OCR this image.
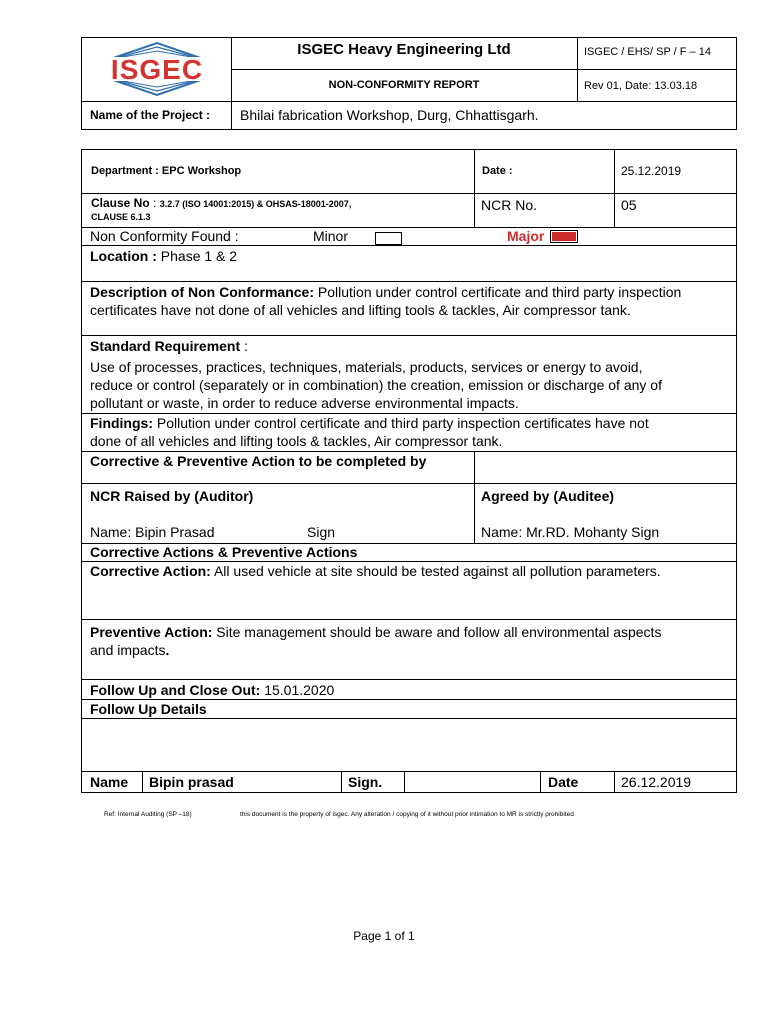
ISGEC
ISGEC Heavy Engineering Ltd	ISGEC / EHS/ SP / F – 14
NON-CONFORMITY REPORT	Rev 01, Date: 13.03.18
Name of the Project : Bhilai fabrication Workshop, Durg, Chhattisgarh.
Department : EPC Workshop	Date :	25.12.2019
Clause No : 3.2.7 (ISO 14001:2015) & OHSAS-18001-2007,
CLAUSE 6.1.3
NCR No.	05
Non Conformity Found :	Minor	Major
Location : Phase 1 & 2
Description of Non Conformance: Pollution under control certificate and third party inspection
certificates have not done of all vehicles and lifting tools & tackles, Air compressor tank.
Standard Requirement :
Use of processes, practices, techniques, materials, products, services or energy to avoid,
reduce or control (separately or in combination) the creation, emission or discharge of any of
pollutant or waste, in order to reduce adverse environmental impacts.
Findings: Pollution under control certificate and third party inspection certificates have not
done of all vehicles and lifting tools & tackles, Air compressor tank.
Corrective & Preventive Action to be completed by
NCR Raised by (Auditor)	Agreed by (Auditee)
Name: Bipin Prasad	Sign	Name: Mr.RD. Mohanty Sign
Corrective Actions & Preventive Actions
Corrective Action: All used vehicle at site should be tested against all pollution parameters.
Preventive Action: Site management should be aware and follow all environmental aspects
and impacts.
Follow Up and Close Out: 15.01.2020
Follow Up Details
Name Bipin prasad	Sign.	Date	26.12.2019
Ref: Internal Auditing (SP –18)	this document is the property of isgec. Any alteration / copying of it without prior intimation to MR is strictly prohibited
Page 1 of 1
